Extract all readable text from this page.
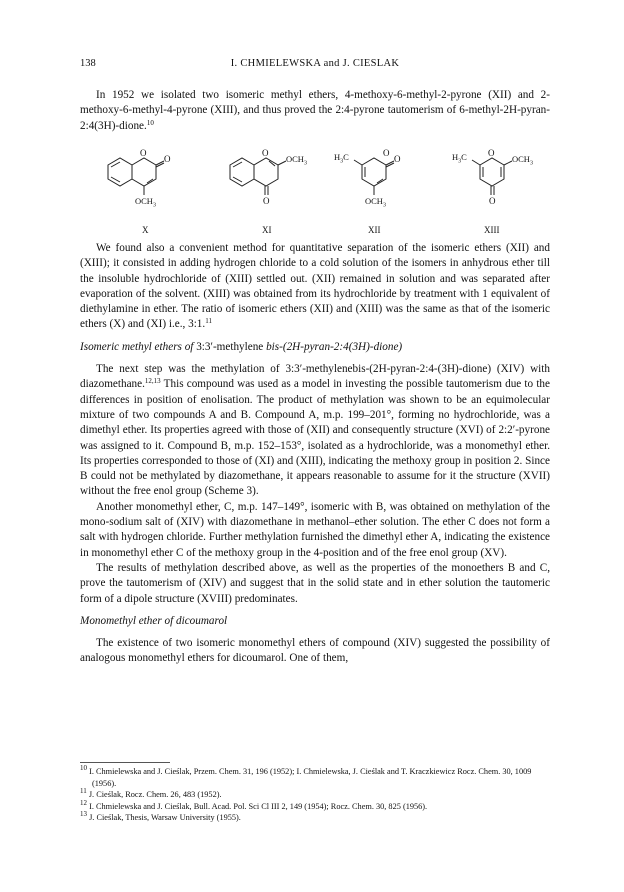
138	I. CHMIELEWSKA and J. CIESLAK

In 1952 we isolated two isomeric methyl ethers, 4-methoxy-6-methyl-2-pyrone (XII) and 2-methoxy-6-methyl-4-pyrone (XIII), and thus proved the 2:4-pyrone tautomerism of 6-methyl-2H-pyran-2:4(3H)-dione.$^{10}$

O
O
$OCH_3$
O
$OCH_3$
O
$H_3C$	O
O
$OCH_3$
$H_3C$ O
$OCH_3$
O
X	XI	XII	XIII

We found also a convenient method for quantitative separation of the isomeric ethers (XII) and (XIII); it consisted in adding hydrogen chloride to a cold solution of the isomers in anhydrous ether till the insoluble hydrochloride of (XIII) settled out. (XII) remained in solution and was separated after evaporation of the solvent. (XIII) was obtained from its hydrochloride by treatment with 1 equivalent of diethylamine in ether. The ratio of isomeric ethers (XII) and (XIII) was the same as that of the isomeric ethers (X) and (XI) i.e., 3:1.11

Isomeric methyl ethers of 3:3′-methylene bis-(2H-pyran-2:4(3H)-dione)

The next step was the methylation of 3:3′-methylenebis-(2H-pyran-2:4-(3H)-dione) (XIV) with diazomethane.$^{12,13}$ This compound was used as a model in investing the possible tautomerism due to the differences in position of enolisation. The product of methylation was shown to be an equimolecular mixture of two compounds A and B. Compound A, m.p. 199–201°, forming no hydrochloride, was a dimethyl ether. Its properties agreed with those of (XII) and consequently structure (XVI) of 2:2′-pyrone was assigned to it. Compound B, m.p. 152–153°, isolated as a hydrochloride, was a monomethyl ether. Its properties corresponded to those of (XI) and (XIII), indicating the methoxy group in position 2. Since B could not be methylated by diazomethane, it appears reasonable to assume for it the structure (XVII) without the free enol group (Scheme 3).

Another monomethyl ether, C, m.p. 147–149°, isomeric with B, was obtained on methylation of the mono-sodium salt of (XIV) with diazomethane in methanol–ether solution. The ether C does not form a salt with hydrogen chloride. Further methylation furnished the dimethyl ether A, indicating the existence in monomethyl ether C of the methoxy group in the 4-position and of the free enol group (XV).

The results of methylation described above, as well as the properties of the monoethers B and C, prove the tautomerism of (XIV) and suggest that in the solid state and in ether solution the tautomeric form of a dipole structure (XVIII) predominates.

Monomethyl ether of dicoumarol

The existence of two isomeric monomethyl ethers of compound (XIV) suggested the possibility of analogous monomethyl ethers for dicoumarol. One of them,

$^{10}$ I. Chmielewska and J. Cieślak, Przem. Chem. 31, 196 (1952); I. Chmielewska, J. Cieślak and T. Kraczkiewicz Rocz. Chem. 30, 1009 (1956).

$^{11}$ J. Cieślak, Rocz. Chem. 26, 483 (1952).

$^{12}$ I. Chmielewska and J. Cieślak, Bull. Acad. Pol. Sci Cl III 2, 149 (1954); Rocz. Chem. 30, 825 (1956).

$^{13}$ J. Cieślak, Thesis, Warsaw University (1955).
